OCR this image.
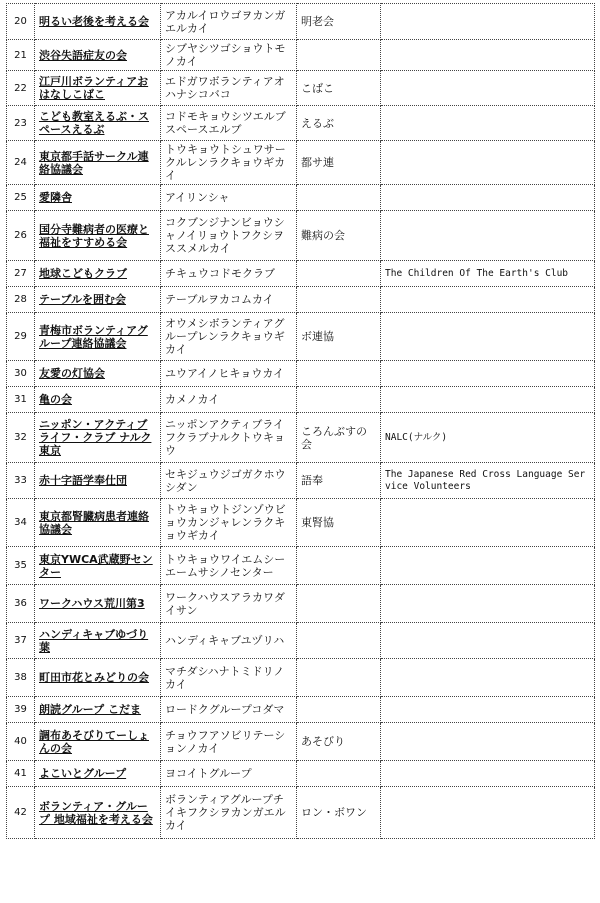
20	明るい老後を考える会	アカルイロウゴヲカンガエルカイ	明老会	
21	渋谷失語症友の会	シブヤシツゴショウトモノカイ		
22	江戸川ボランティアおはなしこばこ	エドガワボランティアオハナシコバコ	こばこ	
23	こども教室えるぶ・スペースえるぶ	コドモキョウシツエルブスペースエルブ	えるぶ	
24	東京都手話サークル連絡協議会	トウキョウトシュワサークルレンラクキョウギカイ	都サ連	
25	愛隣舎	アイリンシャ		
26	国分寺難病者の医療と福祉をすすめる会	コクブンジナンビョウシャノイリョウトフクシヲススメルカイ	難病の会	
27	地球こどもクラブ	チキュウコドモクラブ		The Children Of The Earth's Club
28	テーブルを囲む会	テーブルヲカコムカイ		
29	青梅市ボランティアグループ連絡協議会	オウメシボランティアグループレンラクキョウギカイ	ボ連協	
30	友愛の灯協会	ユウアイノヒキョウカイ		
31	亀の会	カメノカイ		
32	ニッポン・アクティブライフ・クラブ ナルク東京	ニッポンアクティブライフクラブナルクトウキョウ	ころんぶすの会	NALC(ナルク)
33	赤十字語学奉仕団	セキジュウジゴガクホウシダン	語奉	The Japanese Red Cross Language Service Volunteers
34	東京都腎臓病患者連絡協議会	トウキョウトジンゾウビョウカンジャレンラクキョウギカイ	東腎協	
35	東京YWCA武蔵野センター	トウキョウワイエムシーエームサシノセンター		
36	ワークハウス荒川第3	ワークハウスアラカワダイサン		
37	ハンディキャブゆづり葉	ハンディキャブユヅリハ		
38	町田市花とみどりの会	マチダシハナトミドリノカイ		
39	朗読グループ こだま	ロードクグループコダマ		
40	調布あそびりてーしょんの会	チョウフアソビリテーションノカイ	あそびり	
41	よこいとグループ	ヨコイトグループ		
42	ボランティア・グループ 地域福祉を考える会	ボランティアグループチイキフクシヲカンガエルカイ	ロン・ボワン	
